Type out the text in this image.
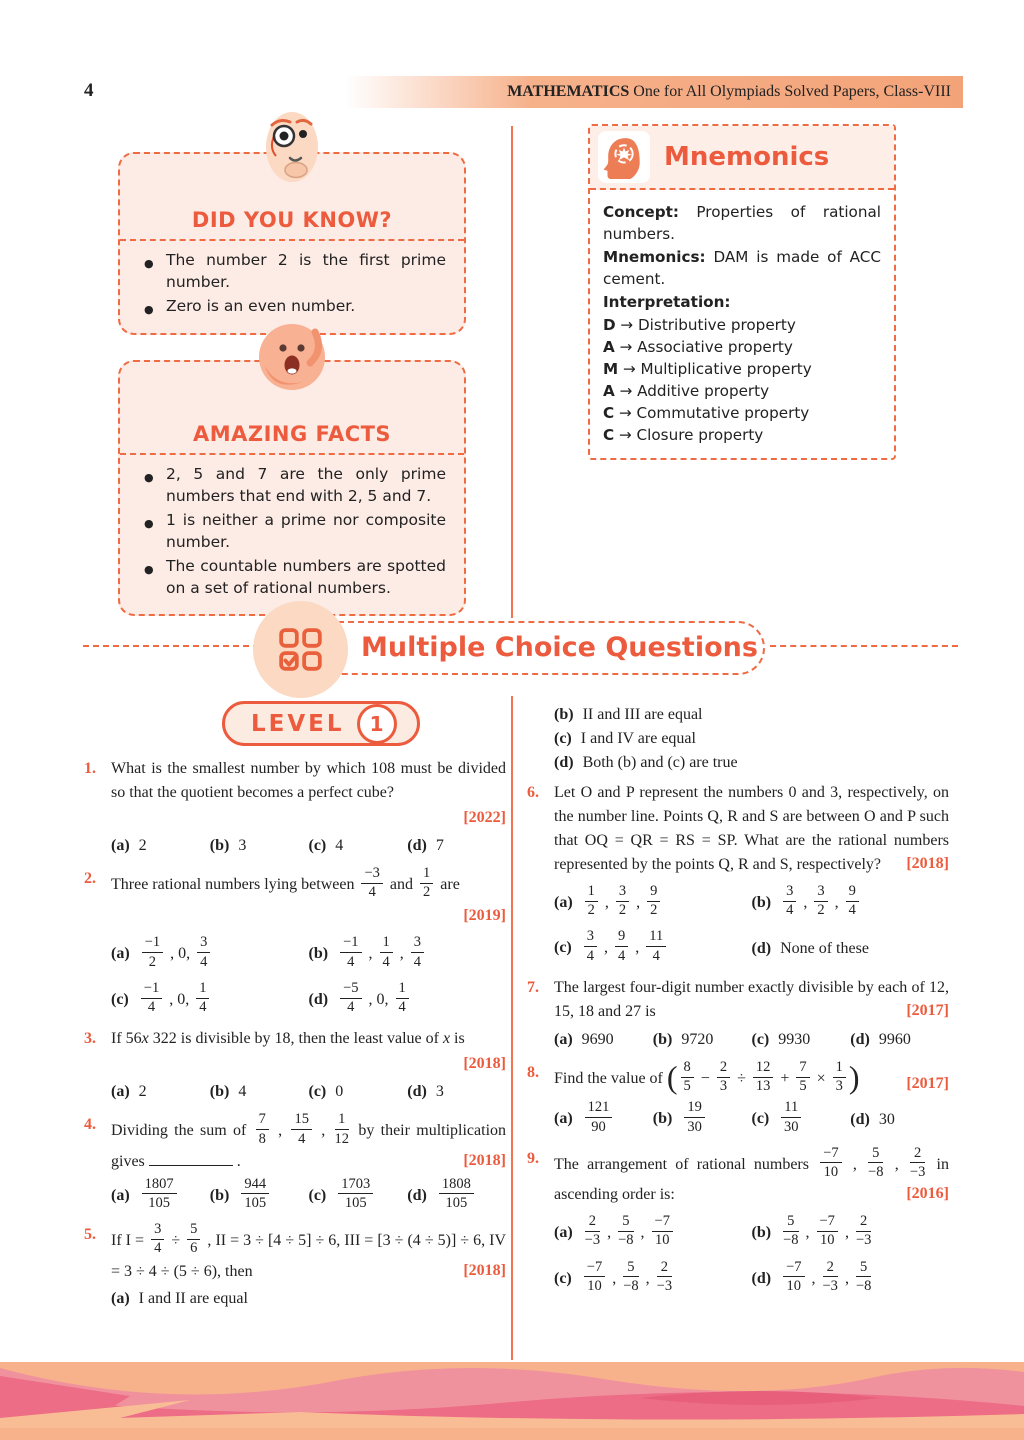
4	MATHEMATICS One for All Olympiads Solved Papers, Class-VIII
DID YOU KNOW?
● The number 2 is the first prime number.
● Zero is an even number.
AMAZING FACTS
● 2, 5 and 7 are the only prime numbers that end with 2, 5 and 7.
● 1 is neither a prime nor composite number.
● The countable numbers are spotted on a set of rational numbers.
Mnemonics

Concept: Properties of rational numbers.

Mnemonics: DAM is made of ACC cement.

Interpretation:

D → Distributive property

A → Associative property

M → Multiplicative property

A → Additive property

C → Commutative property

C → Closure property

Multiple Choice Questions
LEVEL	1
1. What is the smallest number by which 108 must be divided so that the quotient becomes a perfect cube?

[2022]
(a) 2	(b) 3	(c) 4	(d) 7
2. Three rational numbers lying between $\frac{-3}{4}$ and $\frac{1}{2}$ are

[2019]
$(a) \frac{-1}{2}$ , 0, $\frac{3}{4}$	$(b) \frac{-1}{4}$ , $\frac{1}{4}$ , $\frac{3}{4}$
$(c) \frac{-1}{4}$ , 0, $\frac{1}{4}$	$(d) \frac{-5}{4}$ , 0, $\frac{1}{4}$
3. If 56x 322 is divisible by 18, then the least value of x is

[2018]
(a) 2	(b) 4	(c) 0	(d) 3
4. Dividing the sum of $\frac{7}{8}$ , $\frac{15}{4}$ , $\frac{1}{12}$ by their multiplication gives	.	[2018]

$(a) \frac{1807}{105} (b) \frac{944}{105} (c) \frac{1703}{105} (d) \frac{1808}{105}$
5. If $I = \frac{3}{4} \div \frac{5}{6}$ , II = 3 ÷ [4 ÷ 5] ÷ 6, III = [3 ÷ (4 ÷ 5)] ÷ 6, IV = 3 ÷ 4 ÷ (5 ÷ 6), then	[2018]

(a) I and II are equal
(b) II and III are equal
(c) I and IV are equal
(d) Both (b) and (c) are true
6. Let O and P represent the numbers 0 and 3, respectively, on the number line. Points Q, R and S are between O and P such that OQ = QR = RS = SP. What are the rational numbers represented by the points Q, R and S, respectively? [2018]

$(a) \frac{1}{2}$ , $\frac{3}{2}$ , $\frac{9}{2}$	$(b) \frac{3}{4}$ , $\frac{3}{2}$ , $\frac{9}{4}$
$(c) \frac{3}{4}$ , $\frac{9}{4}$ , $\frac{11}{4}$	(d) None of these
7. The largest four-digit number exactly divisible by each of 12, 15, 18 and 27 is	[2017]

(a) 9690	(b) 9720	(c) 9930	(d) 9960
8. Find the value of ( $\frac{8}{5} - \frac{2}{3} \div \frac{12}{13} + \frac{7}{5} \times \frac{1}{3}$ )	[2017]

$(a) \frac{121}{90}$	$(b) \frac{19}{30}$	$(c) \frac{11}{30}$	(d) 30
9. The arrangement of rational numbers $\frac{-7}{10}$ , $\frac{5}{-8}$ , $\frac{2}{-3}$ in ascending order is:	[2016]

$(a) \frac{2}{-3}$ , $\frac{5}{-8}$ , $\frac{-7}{10}$	$(b) \frac{5}{-8}$ , $\frac{-7}{10}$ , $\frac{2}{-3}$
$(c) \frac{-7}{10}$ , $\frac{5}{-8}$ , $\frac{2}{-3}$	$(d) \frac{-7}{10}$ , $\frac{2}{-3}$ , $\frac{5}{-8}$
